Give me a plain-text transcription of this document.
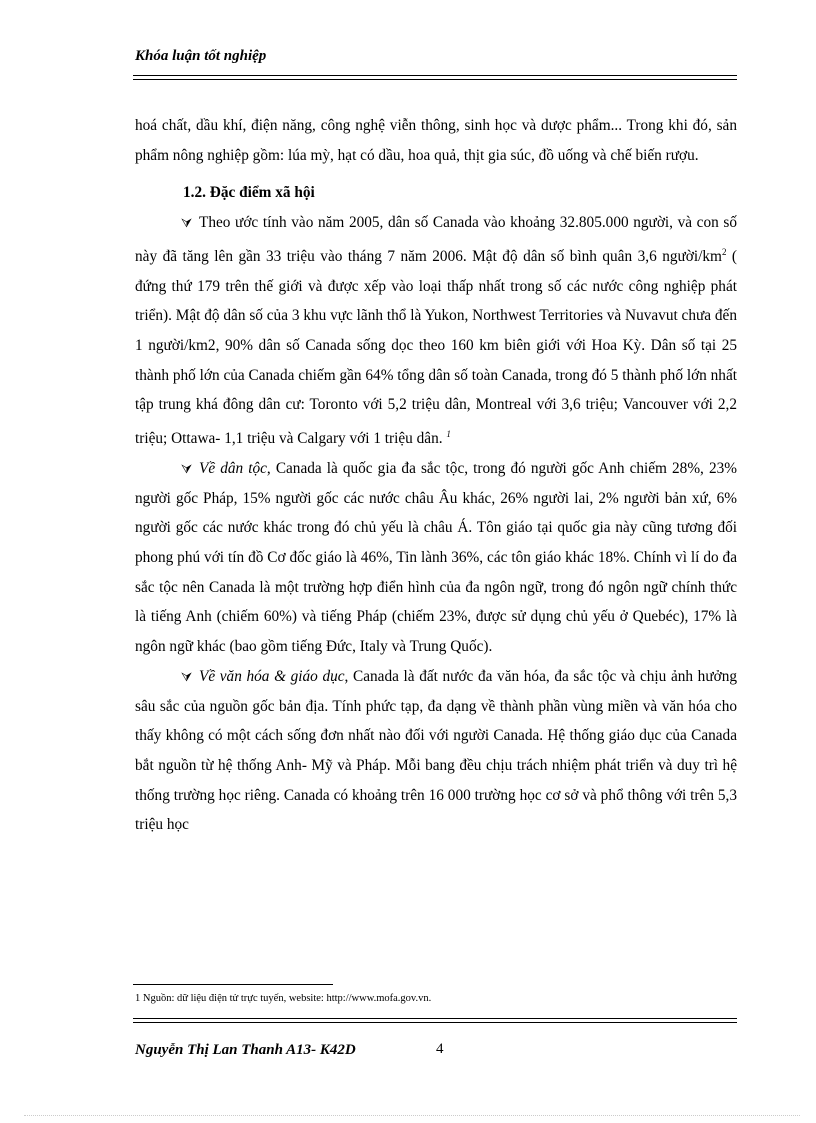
Khóa luận tốt nghiệp

hoá chất, dầu khí, điện năng, công nghệ viễn thông, sinh học và dược phẩm... Trong khi đó, sản phẩm nông nghiệp gồm: lúa mỳ, hạt có dầu, hoa quả, thịt gia súc, đồ uống và chế biến rượu.

1.2. Đặc điểm xã hội

⮛ Theo ước tính vào năm 2005, dân số Canada vào khoảng 32.805.000 người, và con số này đã tăng lên gần 33 triệu vào tháng 7 năm 2006. Mật độ dân số bình quân 3,6 người/$km^2$ ( đứng thứ 179 trên thế giới và được xếp vào loại thấp nhất trong số các nước công nghiệp phát triển). Mật độ dân số của 3 khu vực lãnh thổ là Yukon, Northwest Territories và Nuvavut chưa đến 1 người/km2, 90% dân số Canada sống dọc theo 160 km biên giới với Hoa Kỳ. Dân số tại 25 thành phố lớn của Canada chiếm gần 64% tổng dân số toàn Canada, trong đó 5 thành phố lớn nhất tập trung khá đông dân cư: Toronto với 5,2 triệu dân, Montreal với 3,6 triệu; Vancouver với 2,2 triệu; Ottawa- 1,1 triệu và Calgary với 1 triệu dân. $^1$

⮛ Về dân tộc, Canada là quốc gia đa sắc tộc, trong đó người gốc Anh chiếm 28%, 23% người gốc Pháp, 15% người gốc các nước châu Âu khác, 26% người lai, 2% người bản xứ, 6% người gốc các nước khác trong đó chủ yếu là châu Á. Tôn giáo tại quốc gia này cũng tương đối phong phú với tín đồ Cơ đốc giáo là 46%, Tin lành 36%, các tôn giáo khác 18%. Chính vì lí do đa sắc tộc nên Canada là một trường hợp điển hình của đa ngôn ngữ, trong đó ngôn ngữ chính thức là tiếng Anh (chiếm 60%) và tiếng Pháp (chiếm 23%, được sử dụng chủ yếu ở Quebéc), 17% là ngôn ngữ khác (bao gồm tiếng Đức, Italy và Trung Quốc).

⮛ Về văn hóa & giáo dục, Canada là đất nước đa văn hóa, đa sắc tộc và chịu ảnh hưởng sâu sắc của nguồn gốc bản địa. Tính phức tạp, đa dạng về thành phần vùng miền và văn hóa cho thấy không có một cách sống đơn nhất nào đối với người Canada. Hệ thống giáo dục của Canada bắt nguồn từ hệ thống Anh- Mỹ và Pháp. Mỗi bang đều chịu trách nhiệm phát triển và duy trì hệ thống trường học riêng. Canada có khoảng trên 16 000 trường học cơ sở và phổ thông với trên 5,3 triệu học

1 Nguồn: dữ liệu điện tử trực tuyến, website: http://www.mofa.gov.vn.
Nguyễn Thị Lan Thanh A13- K42D	4
